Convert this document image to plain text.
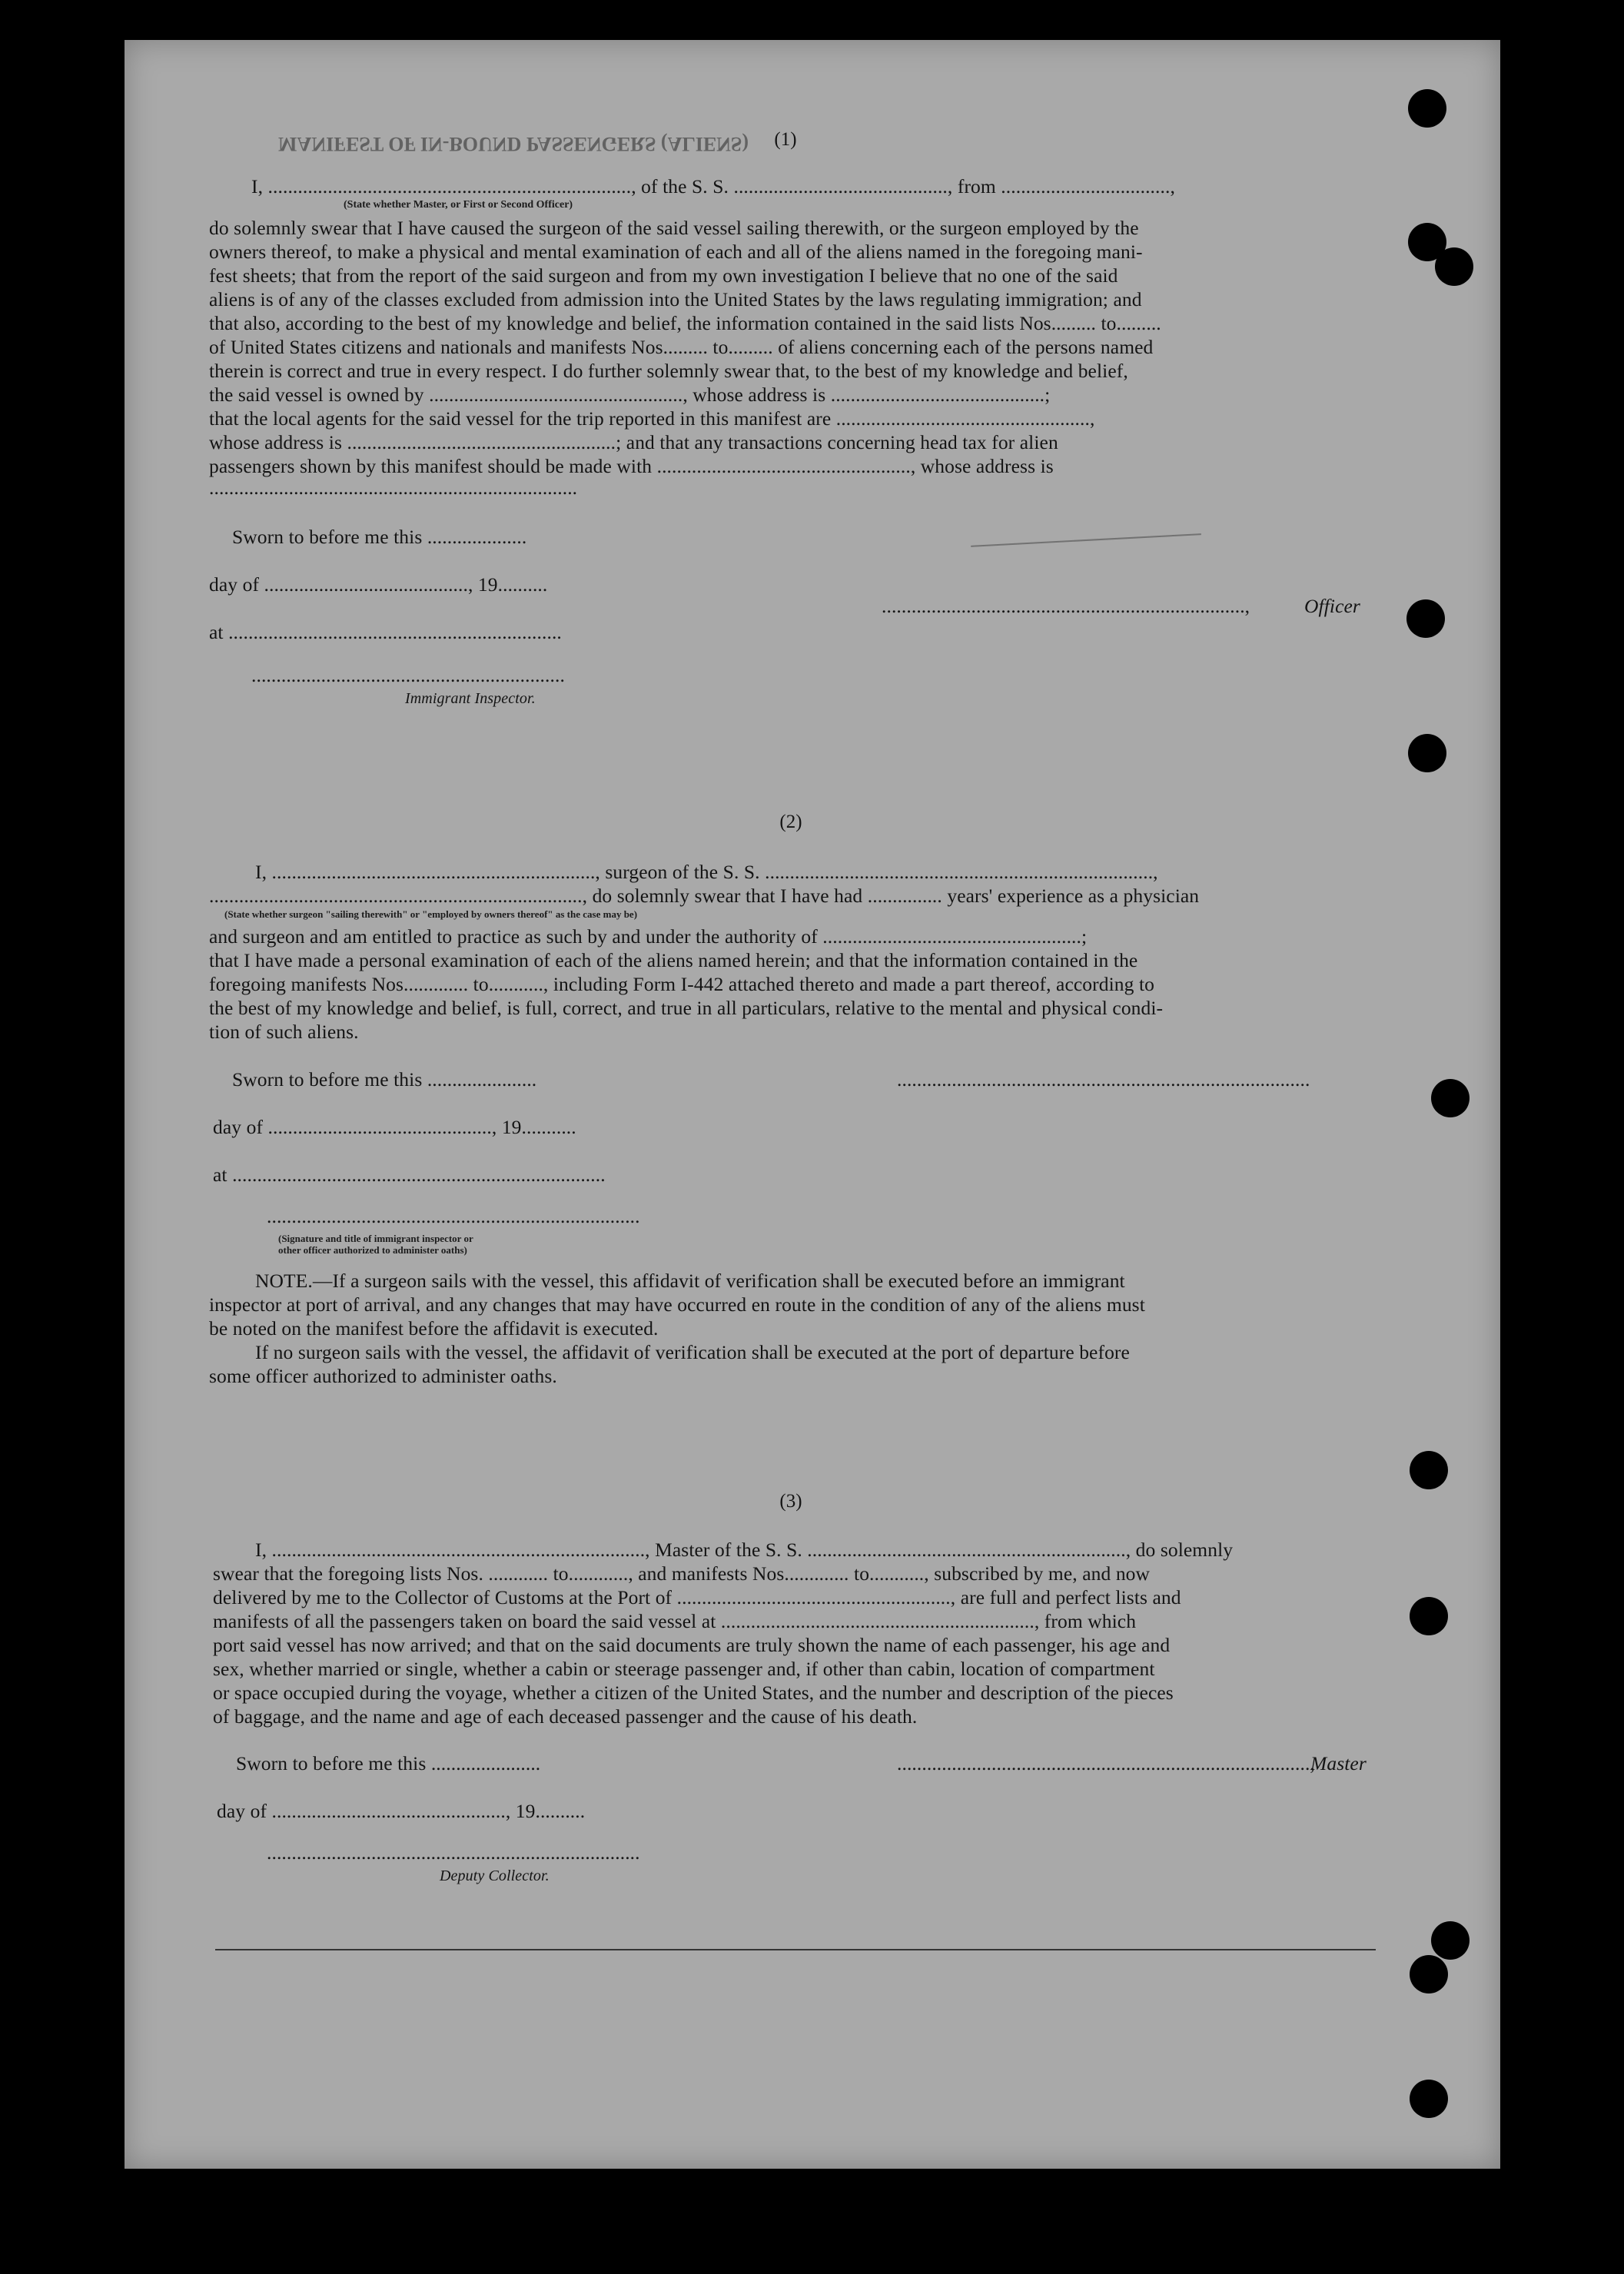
MANIFEST OF IN-BOUND PASSENGERS (ALIENS)	(1)
I, ........................................................................., of the S. S. ..........................................., from ..................................,
(State whether Master, or First or Second Officer)
do solemnly swear that I have caused the surgeon of the said vessel sailing therewith, or the surgeon employed by the
owners thereof, to make a physical and mental examination of each and all of the aliens named in the foregoing mani-
fest sheets; that from the report of the said surgeon and from my own investigation I believe that no one of the said
aliens is of any of the classes excluded from admission into the United States by the laws regulating immigration; and
that also, according to the best of my knowledge and belief, the information contained in the said lists Nos......... to.........
of United States citizens and nationals and manifests Nos......... to......... of aliens concerning each of the persons named
therein is correct and true in every respect. I do further solemnly swear that, to the best of my knowledge and belief,
the said vessel is owned by ..................................................., whose address is ...........................................;
that the local agents for the said vessel for the trip reported in this manifest are ...................................................,
whose address is ......................................................; and that any transactions concerning head tax for alien
passengers shown by this manifest should be made with ..................................................., whose address is
..........................................................................
Sworn to before me this ....................
.........................................................................,	Officer
day of ........................................., 19..........
at ...................................................................
...............................................................
Immigrant Inspector.
(2)
I, ................................................................., surgeon of the S. S. ..............................................................................,
..........................................................................., do solemnly swear that I have had ............... years' experience as a physician
(State whether surgeon "sailing therewith" or "employed by owners thereof" as the case may be)
and surgeon and am entitled to practice as such by and under the authority of ....................................................;
that I have made a personal examination of each of the aliens named herein; and that the information contained in the
foregoing manifests Nos............. to..........., including Form I-442 attached thereto and made a part thereof, according to
the best of my knowledge and belief, is full, correct, and true in all particulars, relative to the mental and physical condi-
tion of such aliens.
Sworn to before me this ......................	...................................................................................
day of ............................................., 19...........
at ...........................................................................
...........................................................................
(Signature and title of immigrant inspector or
other officer authorized to administer oaths)
NOTE.—If a surgeon sails with the vessel, this affidavit of verification shall be executed before an immigrant
inspector at port of arrival, and any changes that may have occurred en route in the condition of any of the aliens must
be noted on the manifest before the affidavit is executed.
If no surgeon sails with the vessel, the affidavit of verification shall be executed at the port of departure before
some officer authorized to administer oaths.
(3)
I, ..........................................................................., Master of the S. S. ................................................................, do solemnly
swear that the foregoing lists Nos. ............ to............, and manifests Nos............. to..........., subscribed by me, and now
delivered by me to the Collector of Customs at the Port of ......................................................., are full and perfect lists and
manifests of all the passengers taken on board the said vessel at ..............................................................., from which
port said vessel has now arrived; and that on the said documents are truly shown the name of each passenger, his age and
sex, whether married or single, whether a cabin or steerage passenger and, if other than cabin, location of compartment
or space occupied during the voyage, whether a citizen of the United States, and the number and description of the pieces
of baggage, and the name and age of each deceased passenger and the cause of his death.
Sworn to before me this ......................	...................................................................................,
Master
day of ..............................................., 19..........
...........................................................................
Deputy Collector.
